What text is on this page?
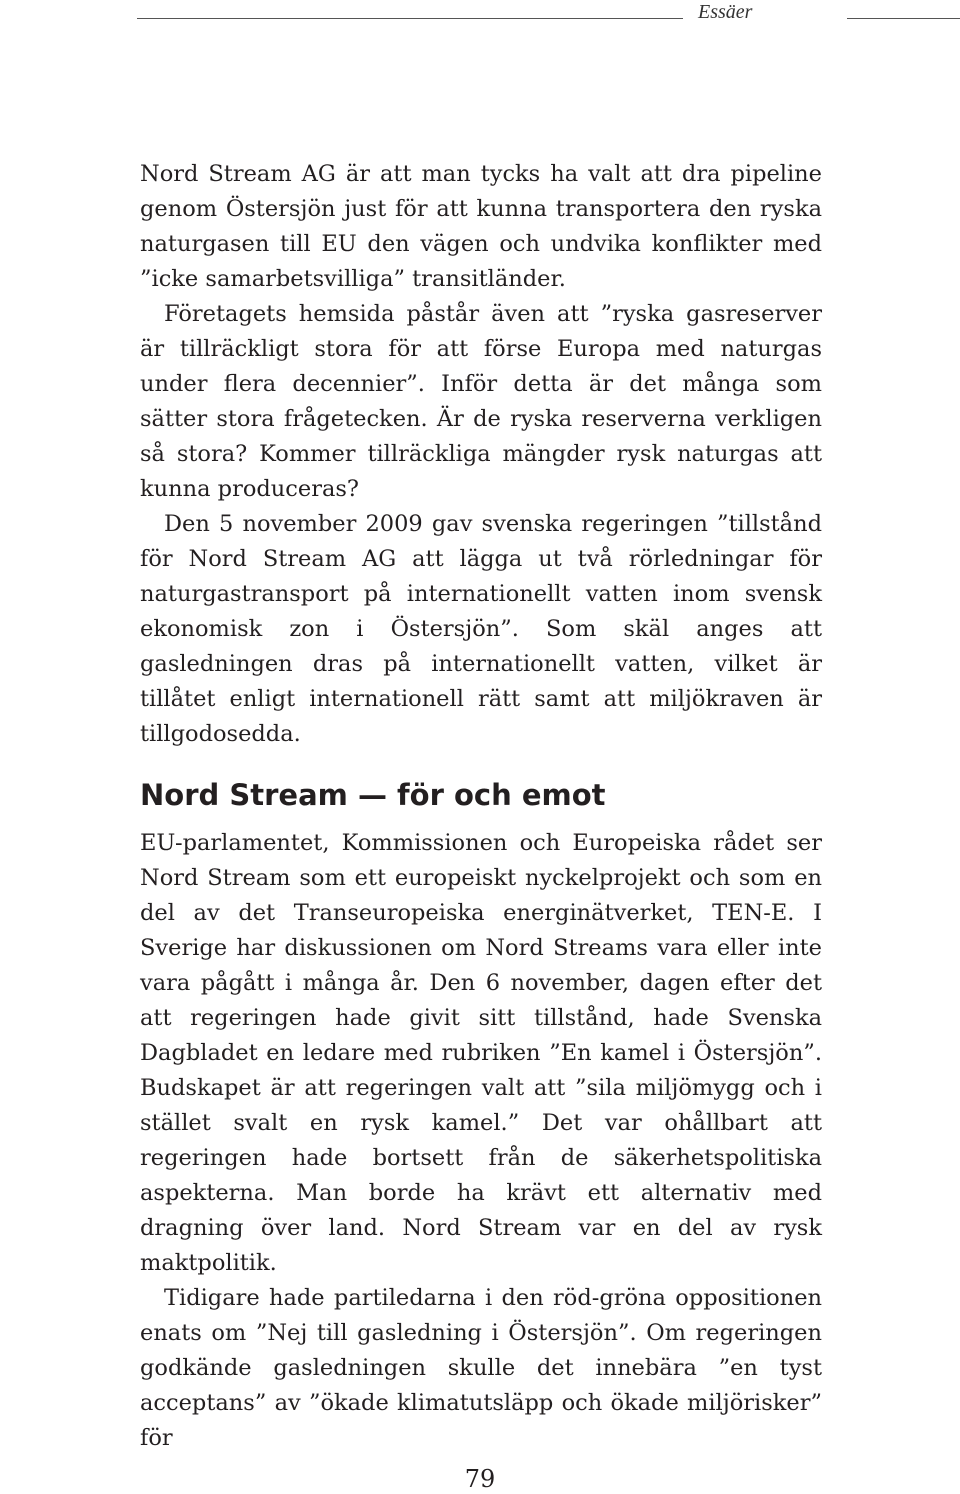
Essäer

Nord Stream AG är att man tycks ha valt att dra pipeline genom Östersjön just för att kunna transportera den ryska naturgasen till EU den vägen och undvika konflikter med ”icke samarbetsvilliga” transitländer.

Företagets hemsida påstår även att ”ryska gasreserver är tillräckligt stora för att förse Europa med naturgas under flera decennier”. Inför detta är det många som sätter stora frågetecken. Är de ryska reserverna verkligen så stora? Kommer tillräckliga mängder rysk naturgas att kunna produceras?

Den 5 november 2009 gav svenska regeringen ”tillstånd för Nord Stream AG att lägga ut två rörledningar för naturgastransport på internationellt vatten inom svensk ekonomisk zon i Östersjön”. Som skäl anges att gasledningen dras på internationellt vatten, vilket är tillåtet enligt internationell rätt samt att miljökraven är tillgodosedda.

Nord Stream — för och emot

EU-parlamentet, Kommissionen och Europeiska rådet ser Nord Stream som ett europeiskt nyckelprojekt och som en del av det Transeuropeiska energinätverket, TEN-E. I Sverige har diskussionen om Nord Streams vara eller inte vara pågått i många år. Den 6 november, dagen efter det att regeringen hade givit sitt tillstånd, hade Svenska Dagbladet en ledare med rubriken ”En kamel i Östersjön”. Budskapet är att regeringen valt att ”sila miljömygg och i stället svalt en rysk kamel.” Det var ohållbart att regeringen hade bortsett från de säkerhetspolitiska aspekterna. Man borde ha krävt ett alternativ med dragning över land. Nord Stream var en del av rysk maktpolitik.

Tidigare hade partiledarna i den röd-gröna oppositionen enats om ”Nej till gasledning i Östersjön”. Om regeringen godkände gasledningen skulle det innebära ”en tyst acceptans” av ”ökade klimatutsläpp och ökade miljörisker” för

79
